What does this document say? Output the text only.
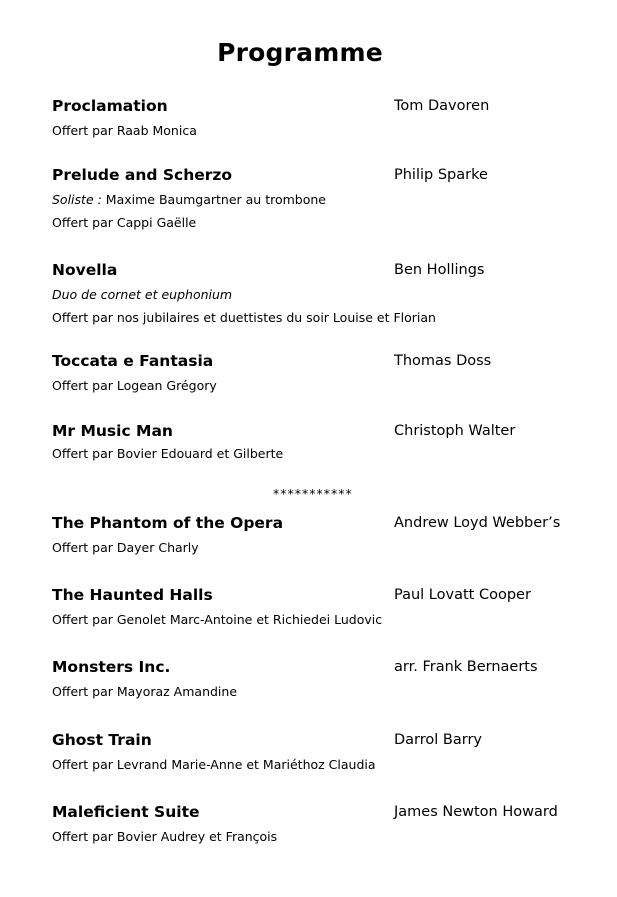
Programme
Proclamation	Tom Davoren
Offert par Raab Monica
Prelude and Scherzo	Philip Sparke
Soliste : Maxime Baumgartner au trombone
Offert par Cappi Gaëlle
Novella	Ben Hollings
Duo de cornet et euphonium
Offert par nos jubilaires et duettistes du soir Louise et Florian
Toccata e Fantasia	Thomas Doss
Offert par Logean Grégory
Mr Music Man	Christoph Walter
Offert par Bovier Edouard et Gilberte
***********
The Phantom of the Opera	Andrew Loyd Webber’s
Offert par Dayer Charly
The Haunted Halls	Paul Lovatt Cooper
Offert par Genolet Marc-Antoine et Richiedei Ludovic
Monsters Inc.	arr. Frank Bernaerts
Offert par Mayoraz Amandine
Ghost Train	Darrol Barry
Offert par Levrand Marie-Anne et Mariéthoz Claudia
Maleficient Suite	James Newton Howard
Offert par Bovier Audrey et François
